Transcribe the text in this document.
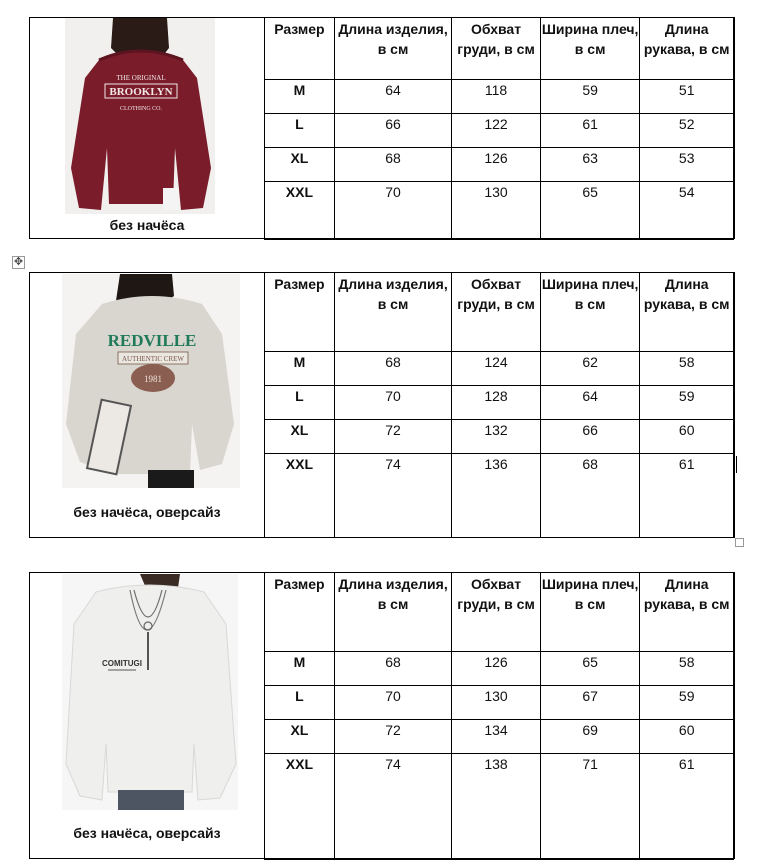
THE ORIGINAL
BROOKLYN
CLOTHING CO.
без начёса
Размер	Длина изделия, в см	Обхват груди, в см	Ширина плеч, в см	Длина рукава, в см
M	64	118	59	51
L	66	122	61	52
XL	68	126	63	53
XXL	70	130	65	54
✥
REDVILLE
AUTHENTIC CREW
1981
без начёса, оверсайз
Размер	Длина изделия, в см	Обхват груди, в см	Ширина плеч, в см	Длина рукава, в см
M	68	124	62	58
L	70	128	64	59
XL	72	132	66	60
XXL	74	136	68	61
COMITUGI
без начёса, оверсайз
Размер	Длина изделия, в см	Обхват груди, в см	Ширина плеч, в см	Длина рукава, в см
M	68	126	65	58
L	70	130	67	59
XL	72	134	69	60
XXL	74	138	71	61
